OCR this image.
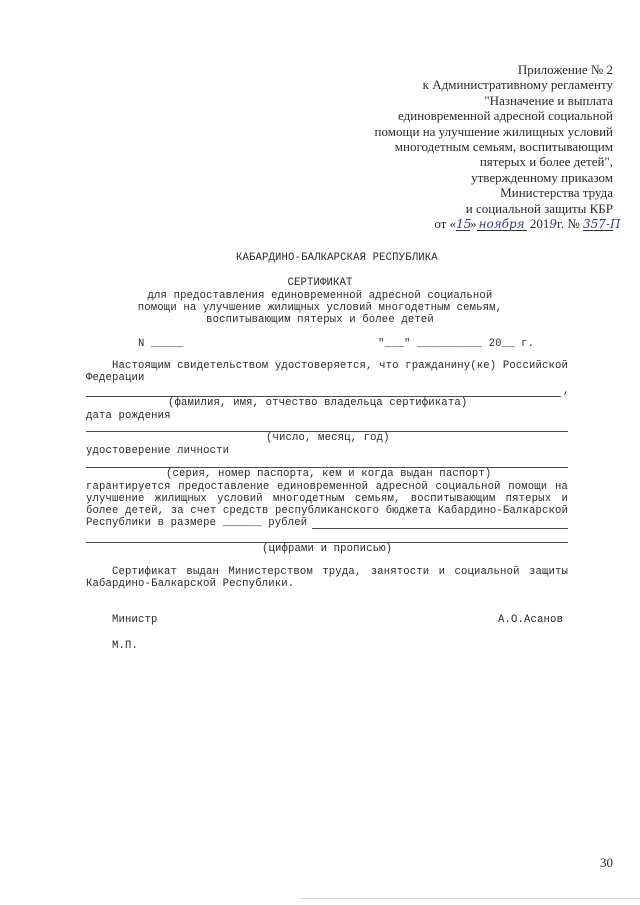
Приложение № 2
к Административному регламенту
"Назначение и выплата
единовременной адресной социальной
помощи на улучшение жилищных условий
многодетным семьям, воспитывающим
пятерых и более детей",
утвержденному приказом
Министерства труда
и социальной защиты КБР
от «15» ноября 2019г. № 357-П
КАБАРДИНО-БАЛКАРСКАЯ РЕСПУБЛИКА
СЕРТИФИКАТ
для предоставления единовременной адресной социальной
помощи на улучшение жилищных условий многодетным семьям,
воспитывающим пятерых и более детей
N _____	"___" __________ 20__ г.
Настоящим свидетельством удостоверяется, что гражданину(ке) Российской
Федерации
,
(фамилия, имя, отчество владельца сертификата)
дата рождения
(число, месяц, год)
удостоверение личности
(серия, номер паспорта, кем и когда выдан паспорт)
гарантируется предоставление единовременной адресной социальной помощи на
улучшение жилищных условий многодетным семьям, воспитывающим пятерых и
более детей, за счет средств республиканского бюджета Кабардино-Балкарской
Республики в размере ______ рублей
(цифрами и прописью)
Сертификат выдан Министерством труда, занятости и социальной защиты
Кабардино-Балкарской Республики.
Министр	А.О.Асанов
М.П.
30
